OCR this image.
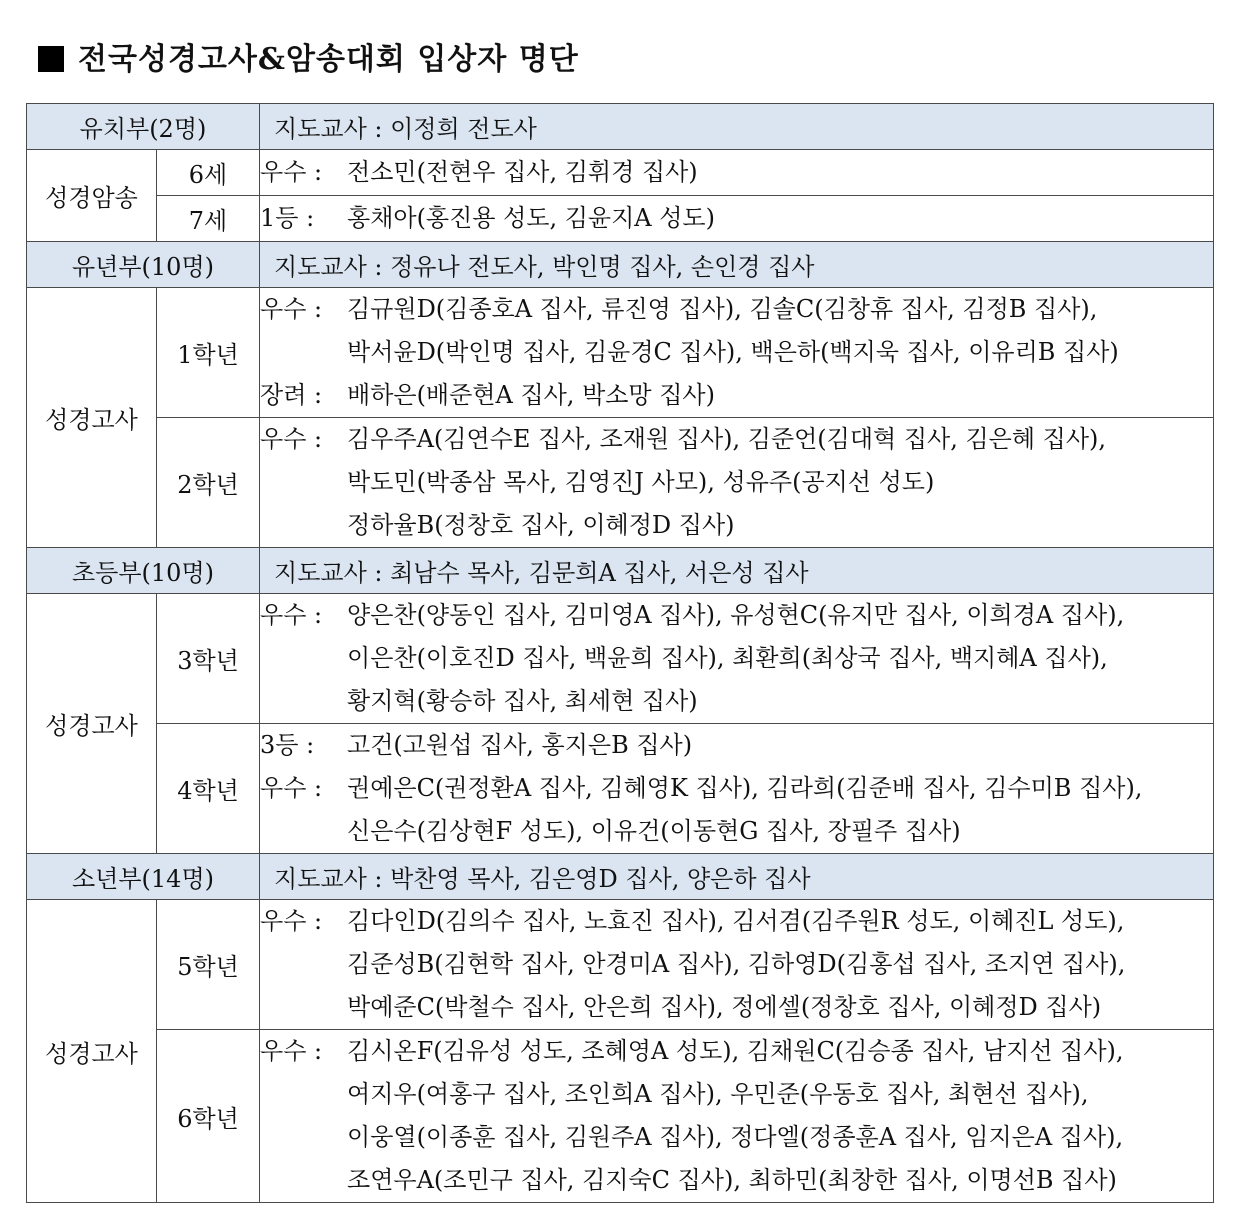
전국성경고사&암송대회 입상자 명단
유치부(2명)		지도교사 : 이정희 전도사
성경암송	6세	우수 : 전소민(전현우 집사, 김휘경 집사)

	7세	1등 : 홍채아(홍진용 성도, 김윤지A 성도)

유년부(10명)		지도교사 : 정유나 전도사, 박인명 집사, 손인경 집사
성경고사	1학년	우수 : 김규원D(김종호A 집사, 류진영 집사), 김솔C(김창휴 집사, 김정B 집사),
박서윤D(박인명 집사, 김윤경C 집사), 백은하(백지욱 집사, 이유리B 집사)
장려 : 배하은(배준현A 집사, 박소망 집사)

	2학년	우수 : 김우주A(김연수E 집사, 조재원 집사), 김준언(김대혁 집사, 김은혜 집사),
박도민(박종삼 목사, 김영진J 사모), 성유주(공지선 성도)
정하율B(정창호 집사, 이혜정D 집사)

초등부(10명)		지도교사 : 최남수 목사, 김문희A 집사, 서은성 집사
성경고사	3학년	우수 : 양은찬(양동인 집사, 김미영A 집사), 유성현C(유지만 집사, 이희경A 집사),
이은찬(이호진D 집사, 백윤희 집사), 최환희(최상국 집사, 백지혜A 집사),
황지혁(황승하 집사, 최세현 집사)

	4학년	3등 : 고건(고원섭 집사, 홍지은B 집사)
우수 : 권예은C(권정환A 집사, 김혜영K 집사), 김라희(김준배 집사, 김수미B 집사),
신은수(김상현F 성도), 이유건(이동현G 집사, 장필주 집사)

소년부(14명)		지도교사 : 박찬영 목사, 김은영D 집사, 양은하 집사
성경고사	5학년	우수 : 김다인D(김의수 집사, 노효진 집사), 김서겸(김주원R 성도, 이혜진L 성도),
김준성B(김현학 집사, 안경미A 집사), 김하영D(김홍섭 집사, 조지연 집사),
박예준C(박철수 집사, 안은희 집사), 정에셀(정창호 집사, 이혜정D 집사)

	6학년	우수 : 김시온F(김유성 성도, 조혜영A 성도), 김채원C(김승종 집사, 남지선 집사),
여지우(여홍구 집사, 조인희A 집사), 우민준(우동호 집사, 최현선 집사),
이웅열(이종훈 집사, 김원주A 집사), 정다엘(정종훈A 집사, 임지은A 집사),
조연우A(조민구 집사, 김지숙C 집사), 최하민(최창한 집사, 이명선B 집사)
